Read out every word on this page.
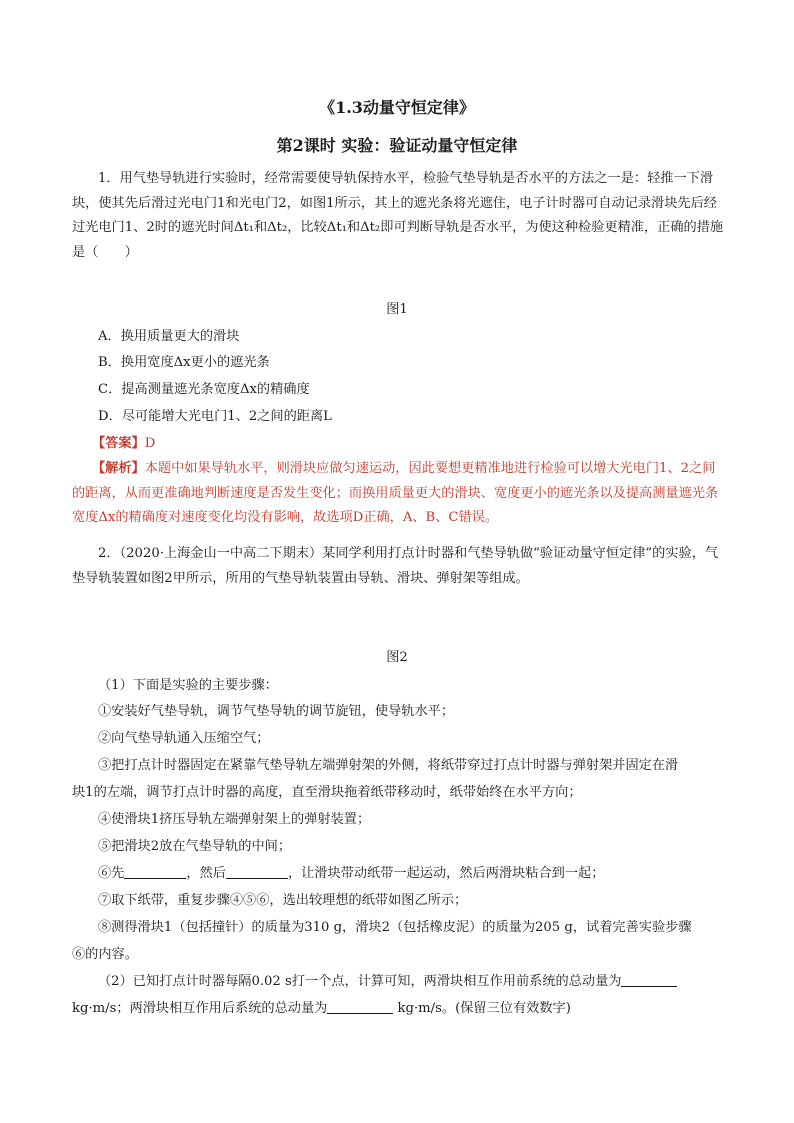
《1.3动量守恒定律》
第2课时 实验：验证动量守恒定律

1．用气垫导轨进行实验时，经常需要使导轨保持水平，检验气垫导轨是否水平的方法之一是：轻推一下滑块，使其先后滑过光电门1和光电门2，如图1所示，其上的遮光条将光遮住，电子计时器可自动记录滑块先后经过光电门1、2时的遮光时间Δt₁和Δt₂，比较Δt₁和Δt₂即可判断导轨是否水平，为使这种检验更精准，正确的措施是（　　）

图1
A．换用质量更大的滑块
B．换用宽度Δx更小的遮光条
C．提高测量遮光条宽度Δx的精确度
D．尽可能增大光电门1、2之间的距离L
【答案】D

【解析】本题中如果导轨水平，则滑块应做匀速运动，因此要想更精准地进行检验可以增大光电门1、2之间的距离，从而更准确地判断速度是否发生变化；而换用质量更大的滑块、宽度更小的遮光条以及提高测量遮光条宽度Δx的精确度对速度变化均没有影响，故选项D正确，A、B、C错误。

2．（2020·上海金山一中高二下期末）某同学利用打点计时器和气垫导轨做“验证动量守恒定律”的实验，气垫导轨装置如图2甲所示，所用的气垫导轨装置由导轨、滑块、弹射架等组成。

图2
（1）下面是实验的主要步骤：
①安装好气垫导轨，调节气垫导轨的调节旋钮，使导轨水平；
②向气垫导轨通入压缩空气；
③把打点计时器固定在紧靠气垫导轨左端弹射架的外侧，将纸带穿过打点计时器与弹射架并固定在滑
块1的左端，调节打点计时器的高度，直至滑块拖着纸带移动时，纸带始终在水平方向；
④使滑块1挤压导轨左端弹射架上的弹射装置；
⑤把滑块2放在气垫导轨的中间；
⑥先	，然后	，让滑块带动纸带一起运动，然后两滑块粘合到一起；
⑦取下纸带，重复步骤④⑤⑥，选出较理想的纸带如图乙所示；
⑧测得滑块1（包括撞针）的质量为310 g，滑块2（包括橡皮泥）的质量为205 g，试着完善实验步骤
⑥的内容。
（2）已知打点计时器每隔0.02 s打一个点，计算可知，两滑块相互作用前系统的总动量为
kg·m/s；两滑块相互作用后系统的总动量为	kg·m/s。(保留三位有效数字)
